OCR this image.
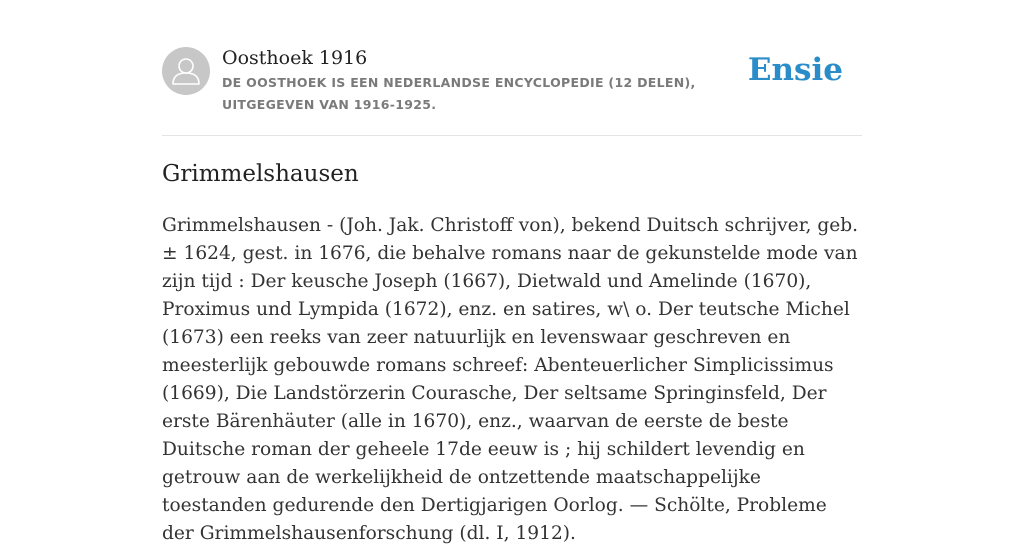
Oosthoek 1916
DE OOSTHOEK IS EEN NEDERLANDSE ENCYCLOPEDIE (12 DELEN), UITGEGEVEN VAN 1916-1925.
Ensie
Grimmelshausen

Grimmelshausen - (Joh. Jak. Christoff von), bekend Duitsch schrijver, geb. ± 1624, gest. in 1676, die behalve romans naar de gekunstelde mode van zijn tijd : Der keusche Joseph (1667), Dietwald und Amelinde (1670), Proximus und Lympida (1672), enz. en satires, w\ o. Der teutsche Michel (1673) een reeks van zeer natuurlijk en levenswaar geschreven en meesterlijk gebouwde romans schreef: Abenteuerlicher Simplicissimus (1669), Die Landstörzerin Courasche, Der seltsame Springinsfeld, Der erste Bärenhäuter (alle in 1670), enz., waarvan de eerste de beste Duitsche roman der geheele 17de eeuw is ; hij schildert levendig en getrouw aan de werkelijkheid de ontzettende maatschappelijke toestanden gedurende den Dertigjarigen Oorlog. — Schölte, Probleme der Grimmelshausenforschung (dl. I, 1912).
